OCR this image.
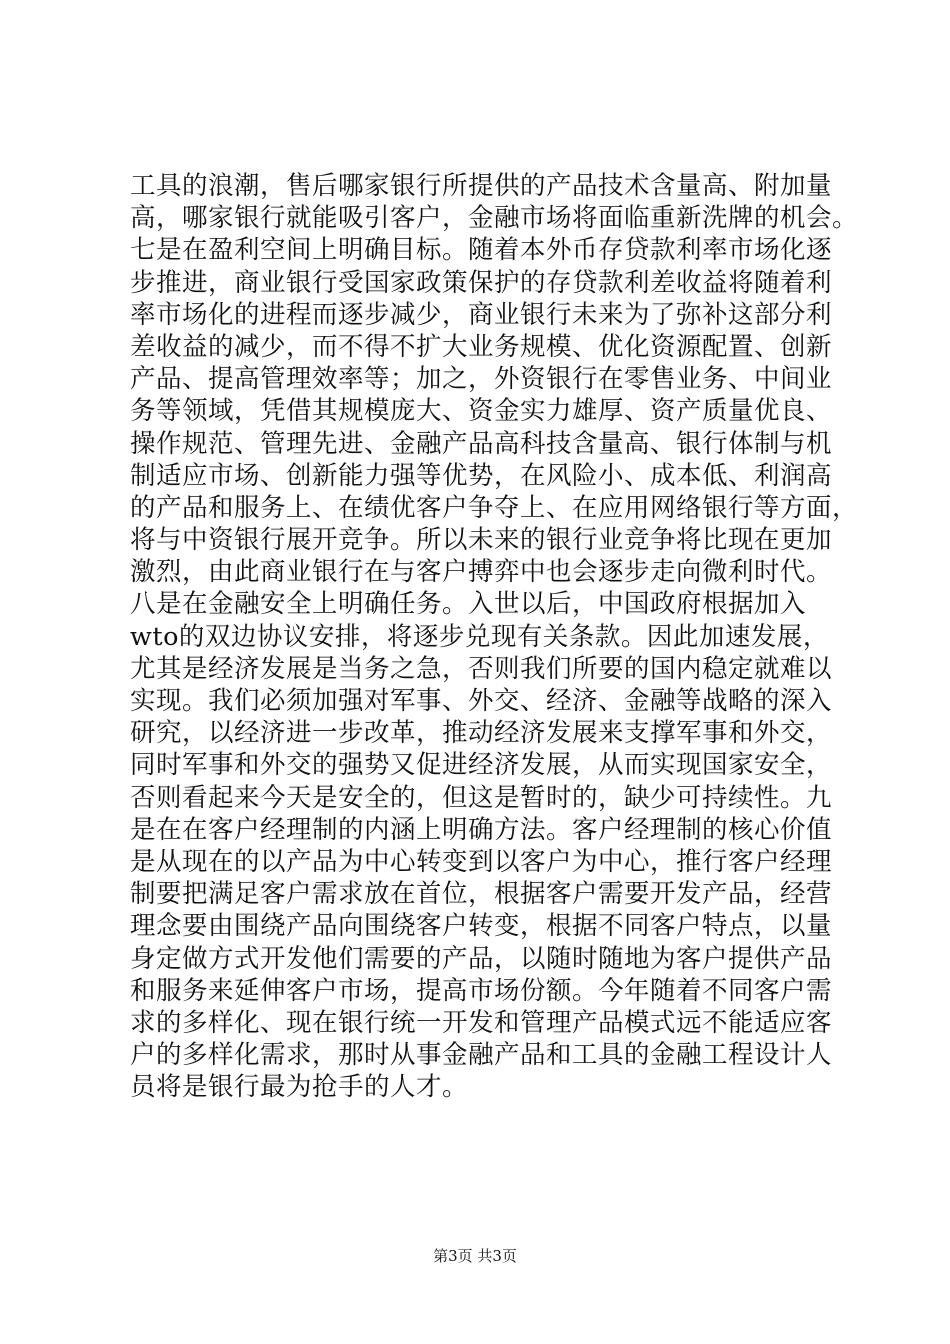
工具的浪潮，售后哪家银行所提供的产品技术含量高、附加量
高，哪家银行就能吸引客户，金融市场将面临重新洗牌的机会。
七是在盈利空间上明确目标。随着本外币存贷款利率市场化逐
步推进，商业银行受国家政策保护的存贷款利差收益将随着利
率市场化的进程而逐步减少，商业银行未来为了弥补这部分利
差收益的减少，而不得不扩大业务规模、优化资源配置、创新
产品、提高管理效率等；加之，外资银行在零售业务、中间业
务等领域，凭借其规模庞大、资金实力雄厚、资产质量优良、
操作规范、管理先进、金融产品高科技含量高、银行体制与机
制适应市场、创新能力强等优势，在风险小、成本低、利润高
的产品和服务上、在绩优客户争夺上、在应用网络银行等方面，
将与中资银行展开竞争。所以未来的银行业竞争将比现在更加
激烈，由此商业银行在与客户搏弈中也会逐步走向微利时代。
八是在金融安全上明确任务。入世以后，中国政府根据加入
wto的双边协议安排，将逐步兑现有关条款。因此加速发展，
尤其是经济发展是当务之急，否则我们所要的国内稳定就难以
实现。我们必须加强对军事、外交、经济、金融等战略的深入
研究，以经济进一步改革，推动经济发展来支撑军事和外交，
同时军事和外交的强势又促进经济发展，从而实现国家安全，
否则看起来今天是安全的，但这是暂时的，缺少可持续性。九
是在在客户经理制的内涵上明确方法。客户经理制的核心价值
是从现在的以产品为中心转变到以客户为中心，推行客户经理
制要把满足客户需求放在首位，根据客户需要开发产品，经营
理念要由围绕产品向围绕客户转变，根据不同客户特点，以量
身定做方式开发他们需要的产品，以随时随地为客户提供产品
和服务来延伸客户市场，提高市场份额。今年随着不同客户需
求的多样化、现在银行统一开发和管理产品模式远不能适应客
户的多样化需求，那时从事金融产品和工具的金融工程设计人
员将是银行最为抢手的人才。
第3页 共3页
